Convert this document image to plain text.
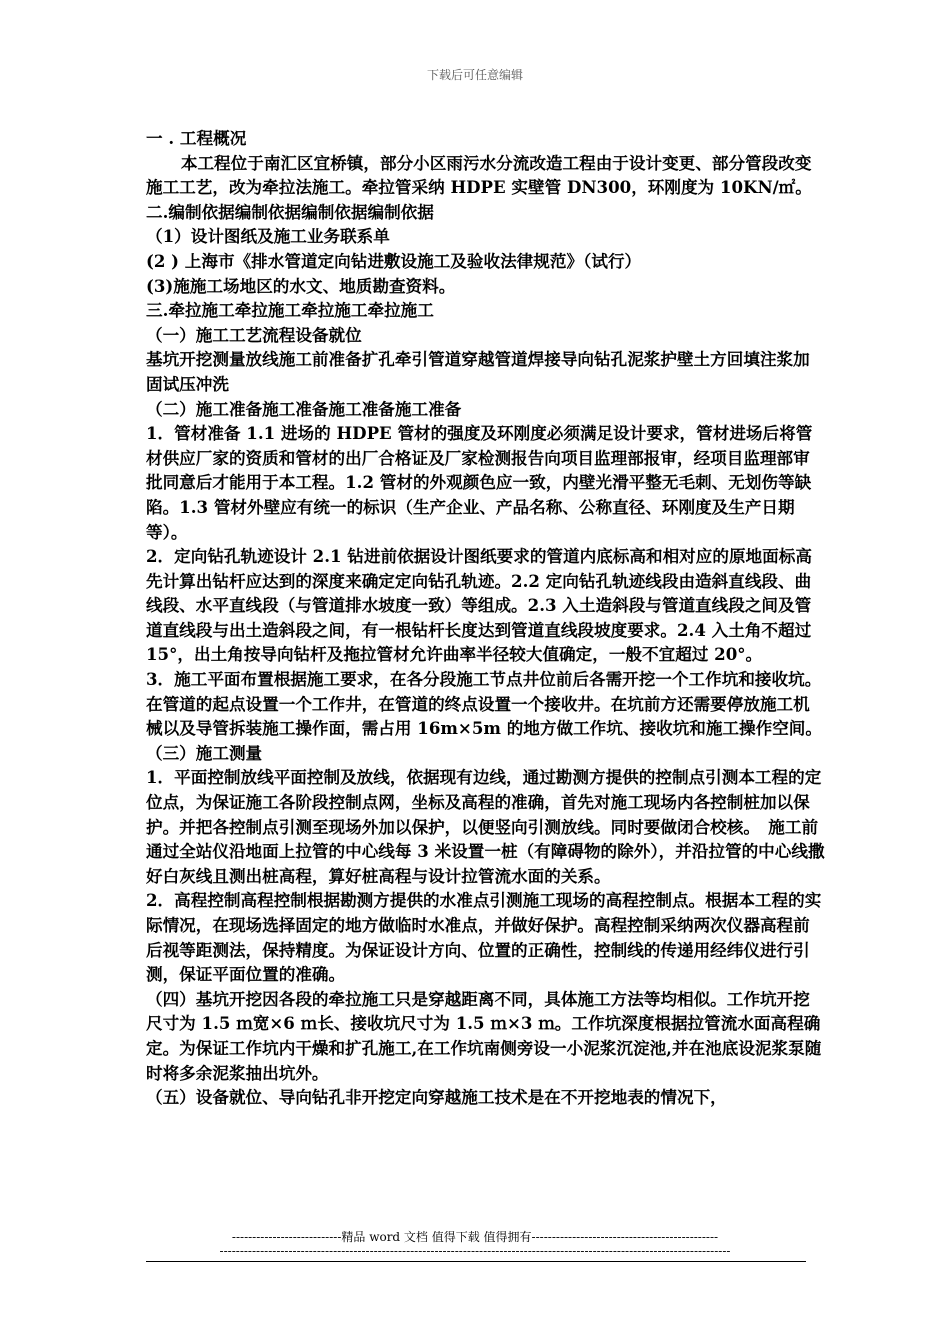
下载后可任意编辑

一 . 工程概况

本工程位于南汇区宜桥镇，部分小区雨污水分流改造工程由于设计变更、部分管段改变施工工艺，改为牵拉法施工。牵拉管采纳 HDPE 实壁管 DN300，环刚度为 10KN/㎡。

二.编制依据编制依据编制依据编制依据

（1）设计图纸及施工业务联系单

(2 ) 上海市《排水管道定向钻进敷设施工及验收法律规范》（试行）

(3)施施工场地区的水文、地质勘查资料。

三.牵拉施工牵拉施工牵拉施工牵拉施工

（一）施工工艺流程设备就位

基坑开挖测量放线施工前准备扩孔牵引管道穿越管道焊接导向钻孔泥浆护壁土方回填注浆加固试压冲洗

（二）施工准备施工准备施工准备施工准备

1．管材准备 1.1 进场的 HDPE 管材的强度及环刚度必须满足设计要求，管材进场后将管材供应厂家的资质和管材的出厂合格证及厂家检测报告向项目监理部报审，经项目监理部审批同意后才能用于本工程。1.2 管材的外观颜色应一致，内壁光滑平整无毛刺、无划伤等缺陷。1.3 管材外壁应有统一的标识（生产企业、产品名称、公称直径、环刚度及生产日期等）。

2．定向钻孔轨迹设计 2.1 钻进前依据设计图纸要求的管道内底标高和相对应的原地面标高先计算出钻杆应达到的深度来确定定向钻孔轨迹。2.2 定向钻孔轨迹线段由造斜直线段、曲线段、水平直线段（与管道排水坡度一致）等组成。2.3 入土造斜段与管道直线段之间及管道直线段与出土造斜段之间，有一根钻杆长度达到管道直线段坡度要求。2.4 入土角不超过 15°，出土角按导向钻杆及拖拉管材允许曲率半径较大值确定，一般不宜超过 20°。

3．施工平面布置根据施工要求，在各分段施工节点井位前后各需开挖一个工作坑和接收坑。在管道的起点设置一个工作井，在管道的终点设置一个接收井。在坑前方还需要停放施工机械以及导管拆装施工操作面，需占用 16m×5m 的地方做工作坑、接收坑和施工操作空间。

（三）施工测量

1．平面控制放线平面控制及放线，依据现有边线，通过勘测方提供的控制点引测本工程的定位点，为保证施工各阶段控制点网，坐标及高程的准确，首先对施工现场内各控制桩加以保护。并把各控制点引测至现场外加以保护，以便竖向引测放线。同时要做闭合校核。　施工前通过全站仪沿地面上拉管的中心线每 3 米设置一桩（有障碍物的除外），并沿拉管的中心线撒好白灰线且测出桩高程，算好桩高程与设计拉管流水面的关系。

2．高程控制高程控制根据勘测方提供的水准点引测施工现场的高程控制点。根据本工程的实际情况，在现场选择固定的地方做临时水准点，并做好保护。高程控制采纳两次仪器高程前后视等距测法，保持精度。为保证设计方向、位置的正确性，控制线的传递用经纬仪进行引测，保证平面位置的准确。

（四）基坑开挖因各段的牵拉施工只是穿越距离不同，具体施工方法等均相似。工作坑开挖尺寸为 1.5 ｍ宽×6 ｍ长、接收坑尺寸为 1.5 ｍ×3 ｍ。工作坑深度根据拉管流水面高程确定。为保证工作坑内干燥和扩孔施工,在工作坑南侧旁设一小泥浆沉淀池,并在池底设泥浆泵随时将多余泥浆抽出坑外。

（五）设备就位、导向钻孔非开挖定向穿越施工技术是在不开挖地表的情况下，

---------------------------精品 word 文档 值得下载 值得拥有----------------------------------------------
------------------------------------------------------------------------------------------------------------------------------
